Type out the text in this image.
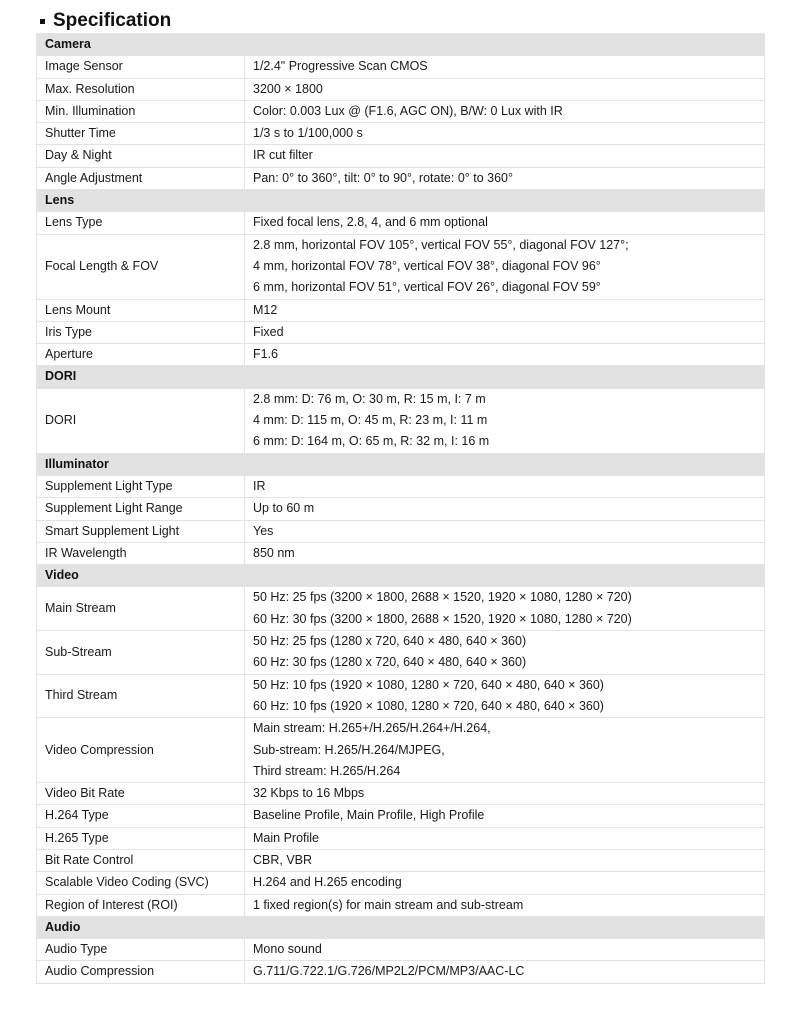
Specification
Camera	
Image Sensor	1/2.4" Progressive Scan CMOS

Max. Resolution	3200 × 1800

Min. Illumination	Color: 0.003 Lux @ (F1.6, AGC ON), B/W: 0 Lux with IR

Shutter Time	1/3 s to 1/100,000 s

Day & Night	IR cut filter

Angle Adjustment	Pan: 0° to 360°, tilt: 0° to 90°, rotate: 0° to 360°

Lens	
Lens Type	Fixed focal lens, 2.8, 4, and 6 mm optional

Focal Length & FOV	2.8 mm, horizontal FOV 105°, vertical FOV 55°, diagonal FOV 127°;
4 mm, horizontal FOV 78°, vertical FOV 38°, diagonal FOV 96°
6 mm, horizontal FOV 51°, vertical FOV 26°, diagonal FOV 59°

Lens Mount	M12

Iris Type	Fixed

Aperture	F1.6

DORI	
DORI	2.8 mm: D: 76 m, O: 30 m, R: 15 m, I: 7 m
4 mm: D: 115 m, O: 45 m, R: 23 m, I: 11 m
6 mm: D: 164 m, O: 65 m, R: 32 m, I: 16 m

Illuminator	
Supplement Light Type	IR

Supplement Light Range	Up to 60 m

Smart Supplement Light	Yes

IR Wavelength	850 nm

Video	
Main Stream	50 Hz: 25 fps (3200 × 1800, 2688 × 1520, 1920 × 1080, 1280 × 720)
60 Hz: 30 fps (3200 × 1800, 2688 × 1520, 1920 × 1080, 1280 × 720)

Sub-Stream	50 Hz: 25 fps (1280 x 720, 640 × 480, 640 × 360)
60 Hz: 30 fps (1280 x 720, 640 × 480, 640 × 360)

Third Stream	50 Hz: 10 fps (1920 × 1080, 1280 × 720, 640 × 480, 640 × 360)
60 Hz: 10 fps (1920 × 1080, 1280 × 720, 640 × 480, 640 × 360)

Video Compression	Main stream: H.265+/H.265/H.264+/H.264,
Sub-stream: H.265/H.264/MJPEG,
Third stream: H.265/H.264

Video Bit Rate	32 Kbps to 16 Mbps

H.264 Type	Baseline Profile, Main Profile, High Profile

H.265 Type	Main Profile

Bit Rate Control	CBR, VBR

Scalable Video Coding (SVC)	H.264 and H.265 encoding

Region of Interest (ROI)	1 fixed region(s) for main stream and sub-stream

Audio	
Audio Type	Mono sound

Audio Compression	G.711/G.722.1/G.726/MP2L2/PCM/MP3/AAC-LC
